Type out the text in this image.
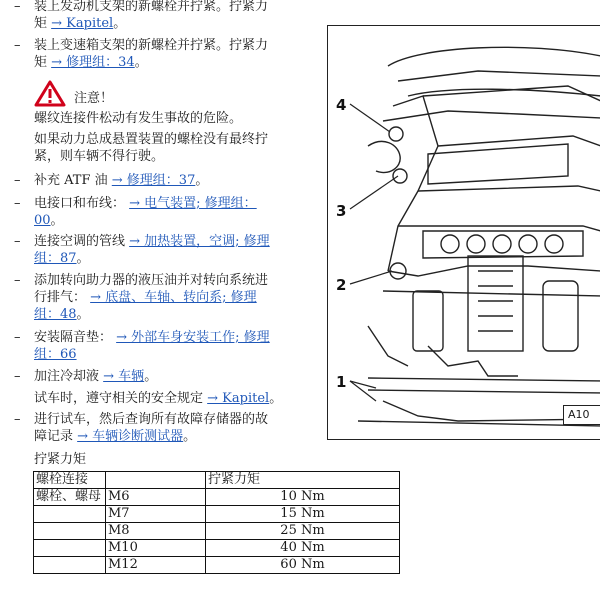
– 装上发动机支架的新螺栓并拧紧。拧紧力
矩 → Kapitel。
– 装上变速箱支架的新螺栓并拧紧。拧紧力
矩 → 修理组：34。
注意！
螺纹连接件松动有发生事故的危险。
如果动力总成悬置装置的螺栓没有最终拧
紧，则车辆不得行驶。
– 补充 ATF 油 → 修理组：37。
– 电接口和布线： → 电气装置; 修理组：
00。
– 连接空调的管线 → 加热装置，空调; 修理
组：87。
– 添加转向助力器的液压油并对转向系统进
行排气： → 底盘、车轴、转向系; 修理
组：48。
– 安装隔音垫： → 外部车身安装工作; 修理
组：66
– 加注冷却液 → 车辆。
试车时，遵守相关的安全规定 → Kapitel。
– 进行试车，然后查询所有故障存储器的故
障记录 → 车辆诊断测试器。
拧紧力矩
螺栓连接		拧紧力矩
螺栓、螺母	M6	10 Nm
	M7	15 Nm
	M8	25 Nm
	M10	40 Nm
	M12	60 Nm
4
3
2
1
A10
